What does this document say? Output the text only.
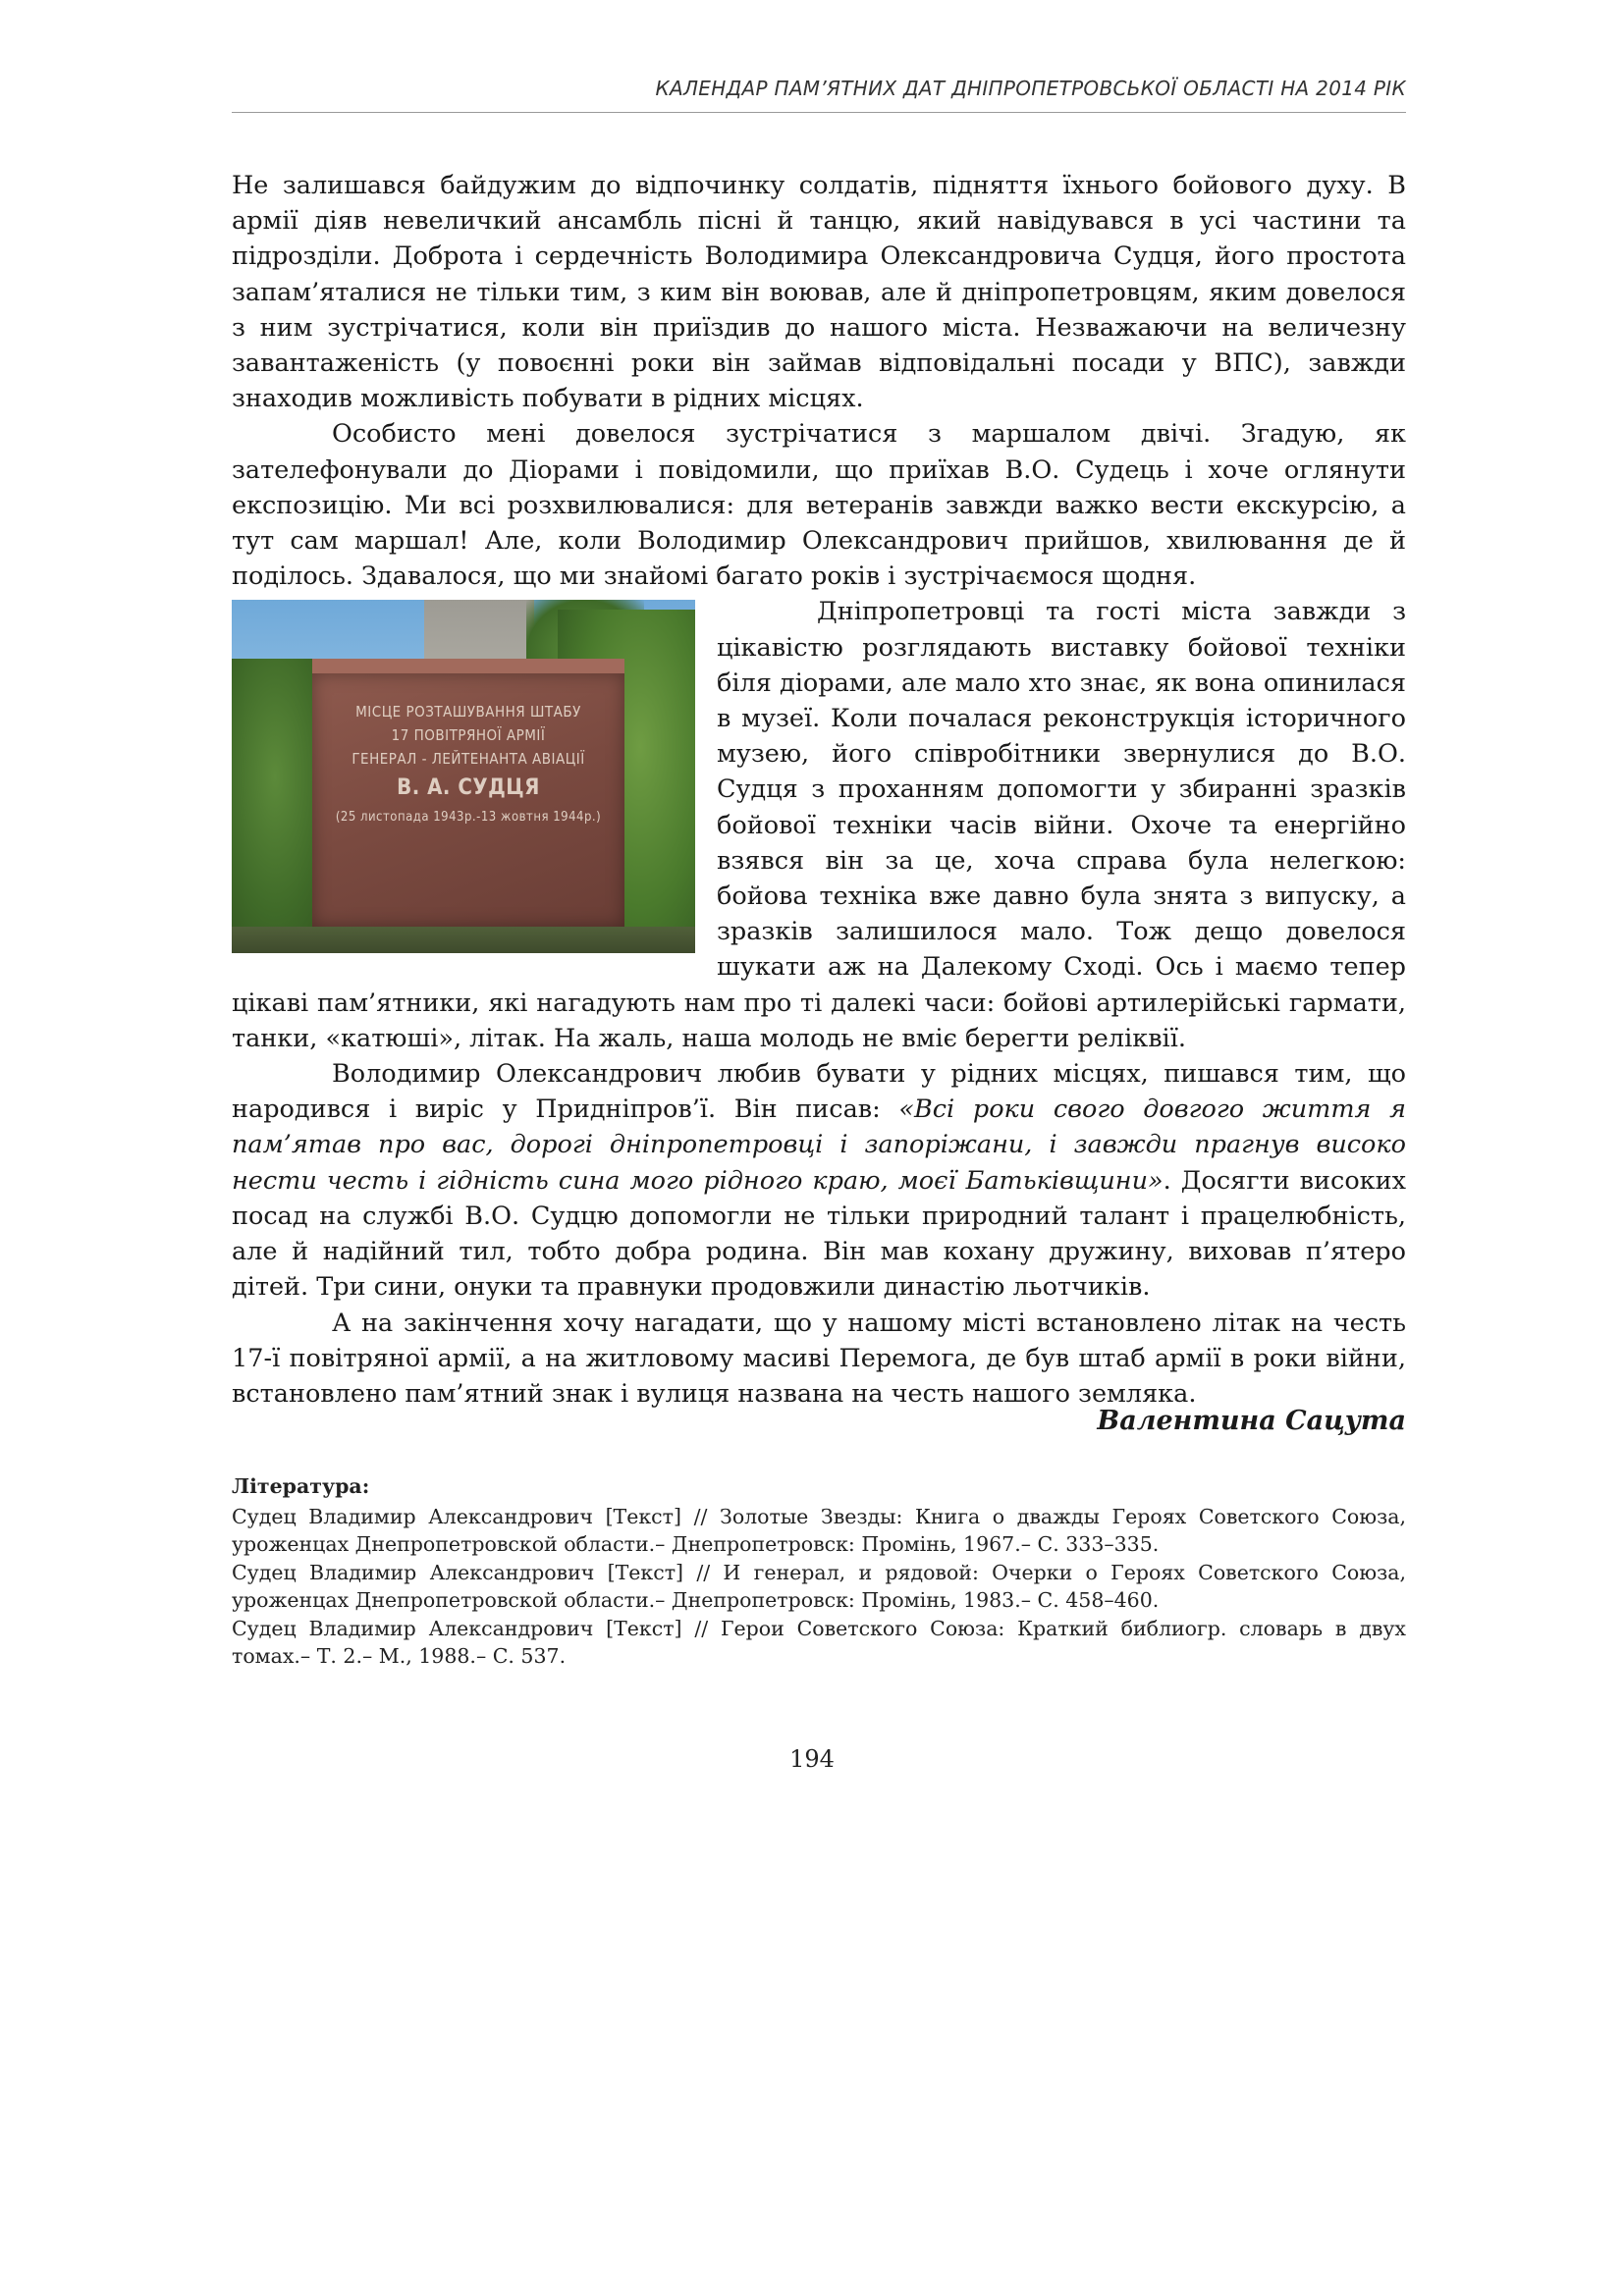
КАЛЕНДАР ПАМ’ЯТНИХ ДАТ ДНІПРОПЕТРОВСЬКОЇ ОБЛАСТІ НА 2014 РІК

Не залишався байдужим до відпочинку солдатів, підняття їхнього бойового духу. В армії діяв невеличкий ансамбль пісні й танцю, який навідувався в усі частини та підрозділи. Доброта і сердечність Володимира Олександровича Судця, його простота запам’яталися не тільки тим, з ким він воював, але й дніпропетровцям, яким довелося з ним зустрічатися, коли він приїздив до нашого міста. Незважаючи на величезну завантаженість (у повоєнні роки він займав відповідальні посади у ВПС), завжди знаходив можливість побувати в рідних місцях.

Особисто мені довелося зустрічатися з маршалом двічі. Згадую, як зателефонували до Діорами і повідомили, що приїхав В.О. Судець і хоче оглянути експозицію. Ми всі розхвилювалися: для ветеранів завжди важко вести екскурсію, а тут сам маршал! Але, коли Володимир Олександрович прийшов, хвилювання де й поділось. Здавалося, що ми знайомі багато років і зустрічаємося щодня.

МІСЦЕ РОЗТАШУВАННЯ ШТАБУ
17 ПОВІТРЯНОЇ АРМІЇ
ГЕНЕРАЛ - ЛЕЙТЕНАНТА АВІАЦІЇ
В. А. СУДЦЯ
(25 листопада 1943р.-13 жовтня 1944р.)

Дніпропетровці та гості міста завжди з цікавістю розглядають виставку бойової техніки біля діорами, але мало хто знає, як вона опинилася в музеї. Коли почалася реконструкція історичного музею, його співробітники звернулися до В.О. Судця з проханням допомогти у збиранні зразків бойової техніки часів війни. Охоче та енергійно взявся він за це, хоча справа була нелегкою: бойова техніка вже давно була знята з випуску, а зразків залишилося мало. Тож дещо довелося шукати аж на Далекому Сході. Ось і маємо тепер цікаві пам’ятники, які нагадують нам про ті далекі часи: бойові артилерійські гармати, танки, «катюші», літак. На жаль, наша молодь не вміє берегти реліквії.

Володимир Олександрович любив бувати у рідних місцях, пишався тим, що народився і виріс у Придніпров’ї. Він писав: «Всі роки свого довгого життя я пам’ятав про вас, дорогі дніпропетровці і запоріжани, і завжди прагнув високо нести честь і гідність сина мого рідного краю, моєї Батьківщини». Досягти високих посад на службі В.О. Судцю допомогли не тільки природний талант і працелюбність, але й надійний тил, тобто добра родина. Він мав кохану дружину, виховав п’ятеро дітей. Три сини, онуки та правнуки продовжили династію льотчиків.

А на закінчення хочу нагадати, що у нашому місті встановлено літак на честь 17-ї повітряної армії, а на житловому масиві Перемога, де був штаб армії в роки війни, встановлено пам’ятний знак і вулиця названа на честь нашого земляка.

Валентина Сацута

Література:

Судец Владимир Александрович [Текст] // Золотые Звезды: Книга о дважды Героях Советского Союза, уроженцах Днепропетровской области.– Днепропетровск: Промінь, 1967.– С. 333–335.

Судец Владимир Александрович [Текст] // И генерал, и рядовой: Очерки о Героях Советского Союза, уроженцах Днепропетровской области.– Днепропетровск: Промінь, 1983.– С. 458–460.

Судец Владимир Александрович [Текст] // Герои Советского Союза: Краткий библиогр. словарь в двух томах.– Т. 2.– М., 1988.– С. 537.

194
